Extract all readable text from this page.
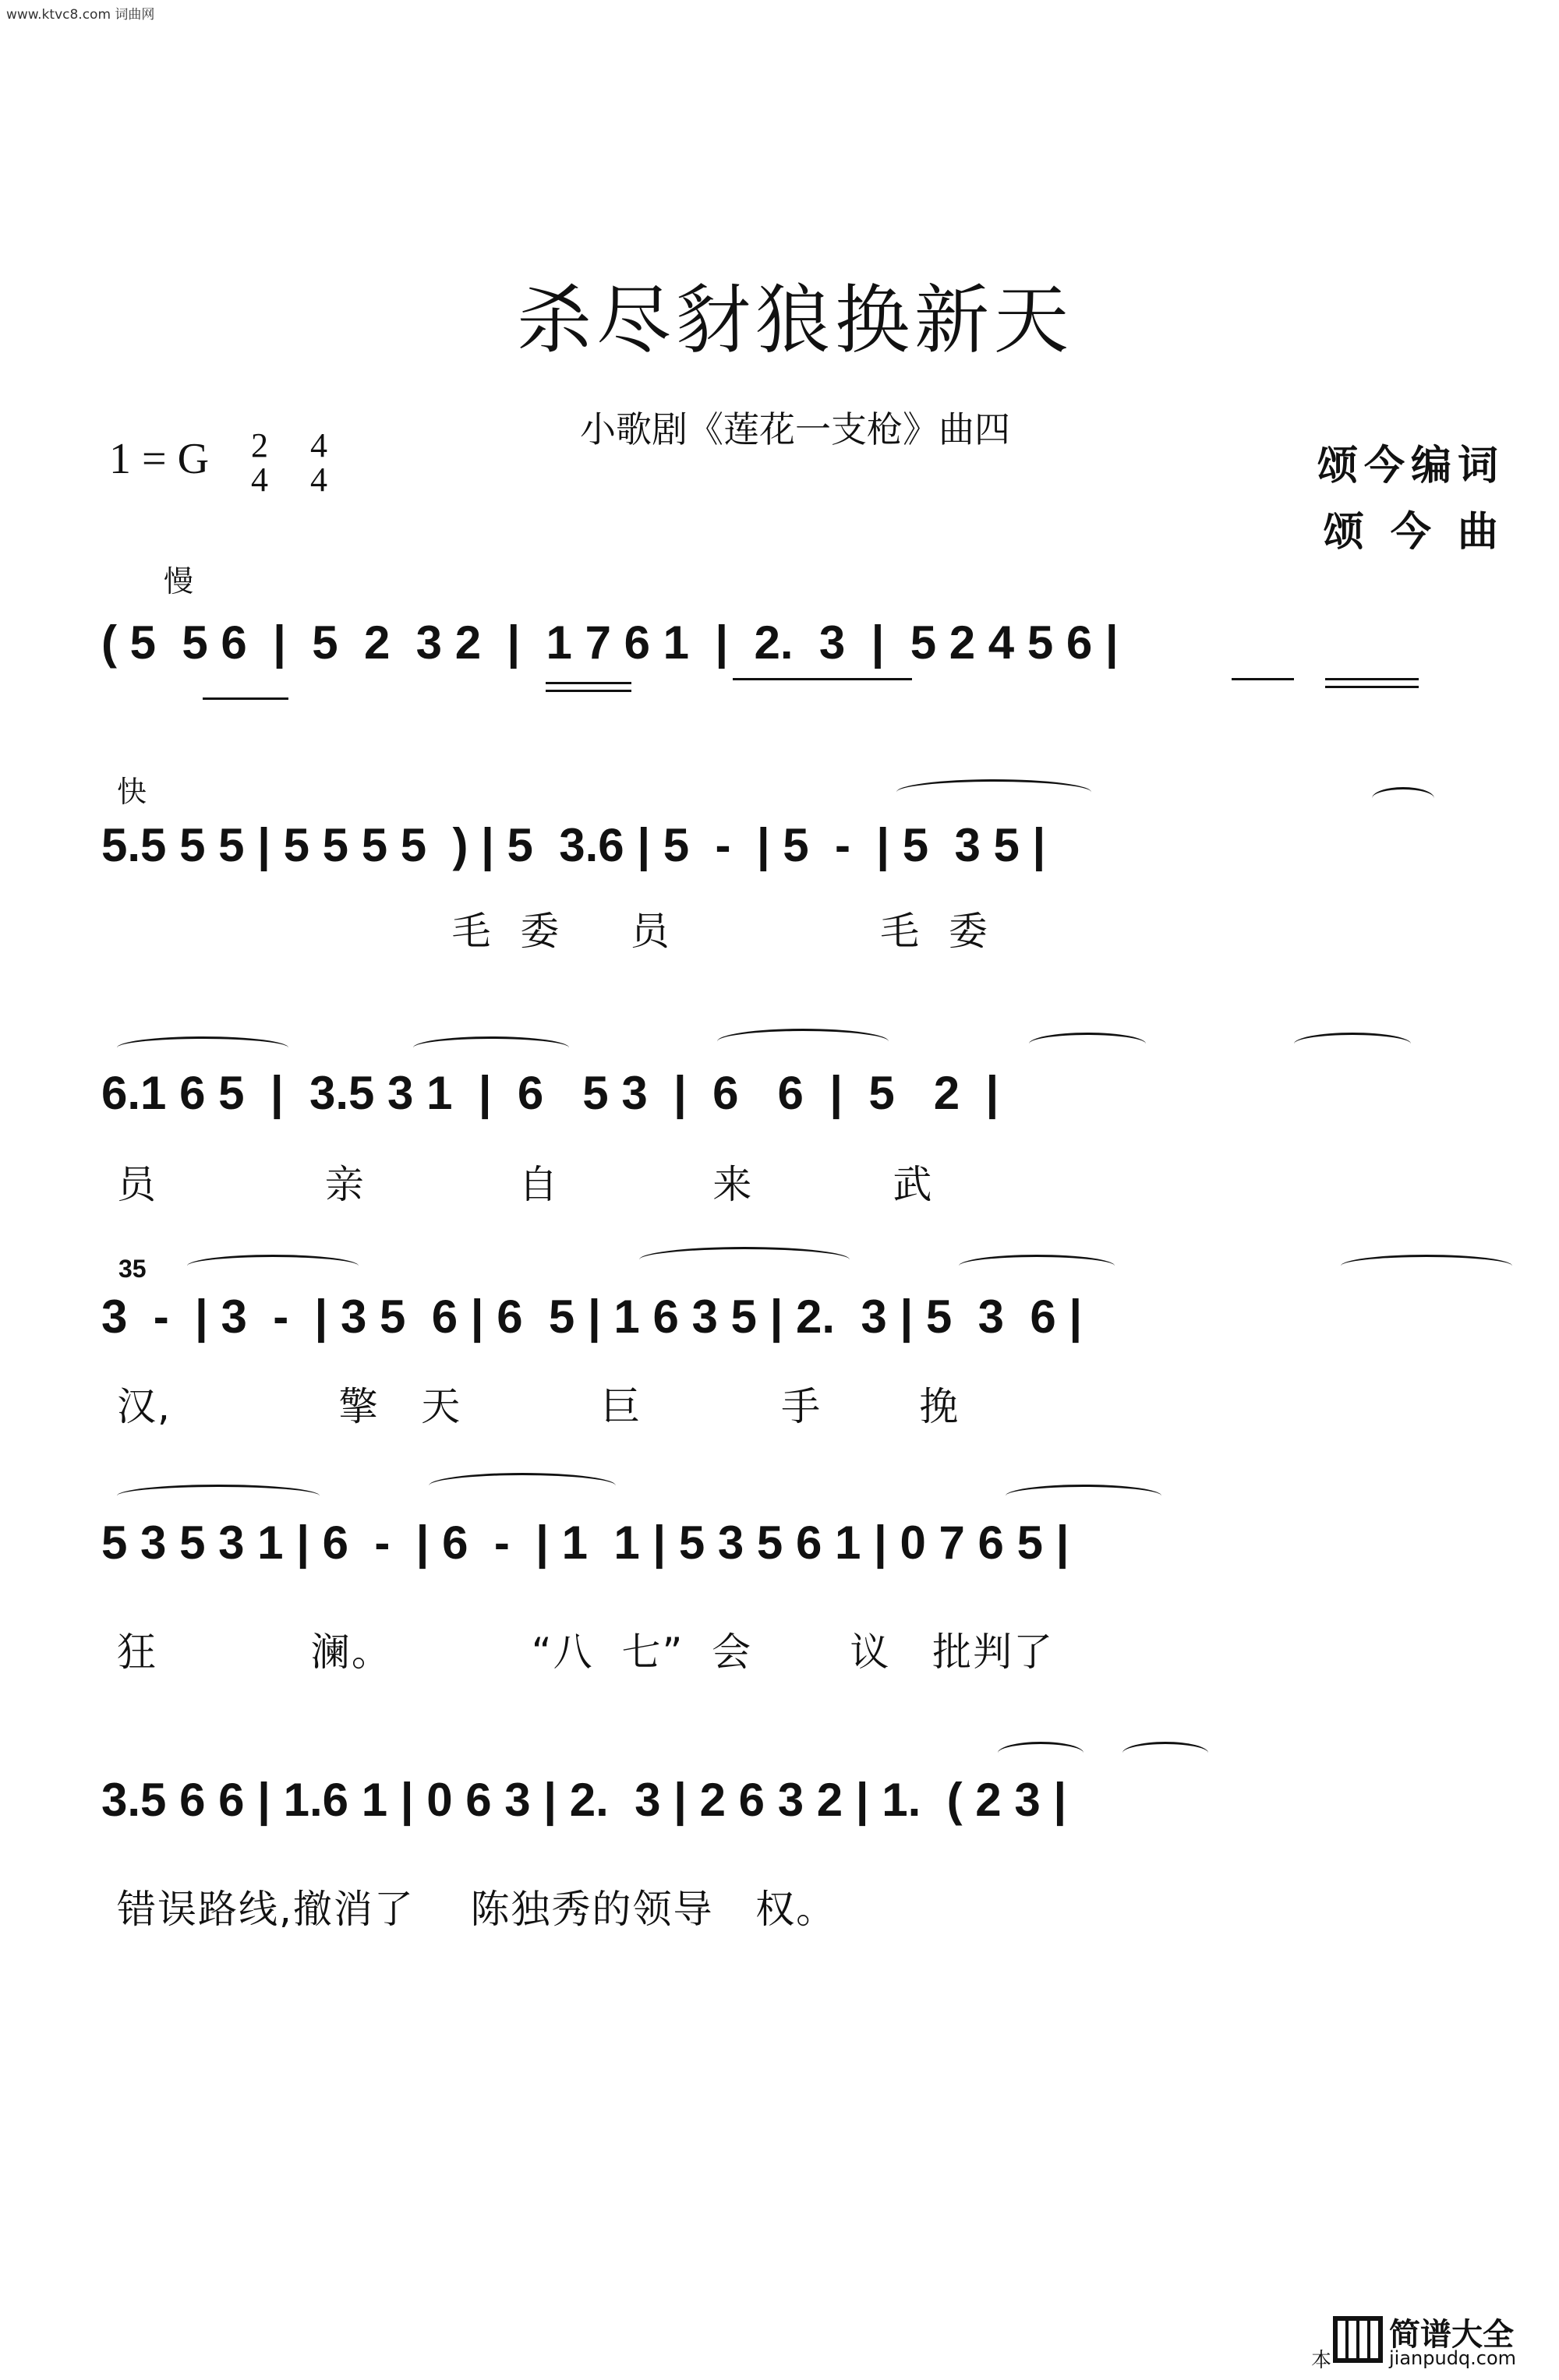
www.ktvc8.com 词曲网
杀尽豺狼换新天
小歌剧《莲花一支枪》曲四
1 = G 2
4 4
4	颂今编词
颂 今 曲
慢
快
35
( 5  5 6  |  5  2  3 2  |  1 7 6 1  |  2.  3  |  5 2 4 5 6 |
5.5 5 5 | 5 5 5 5  ) | 5  3.6 | 5  -  | 5  -  | 5  3 5 |
毛  委     员               毛  委
6.1 6 5  |  3.5 3 1  |  6   5 3  |  6   6  |  5   2  |
员            亲           自           来          武
3  -  | 3  -  | 3 5  6 | 6  5 | 1 6 3 5 | 2.  3 | 5  3  6 |
汉,            擎   天          巨          手       挽
5 3 5 3 1 | 6  -  | 6  -  | 1  1 | 5 3 5 6 1 | 0 7 6 5 |
狂           澜。          “八  七”  会       议   批判了
3.5 6 6 | 1.6 1 | 0 6 3 | 2.  3 | 2 6 3 2 | 1.  ( 2 3 |
错误路线,撤消了    陈独秀的领导   权。
本
简谱大全
jianpudq.com
